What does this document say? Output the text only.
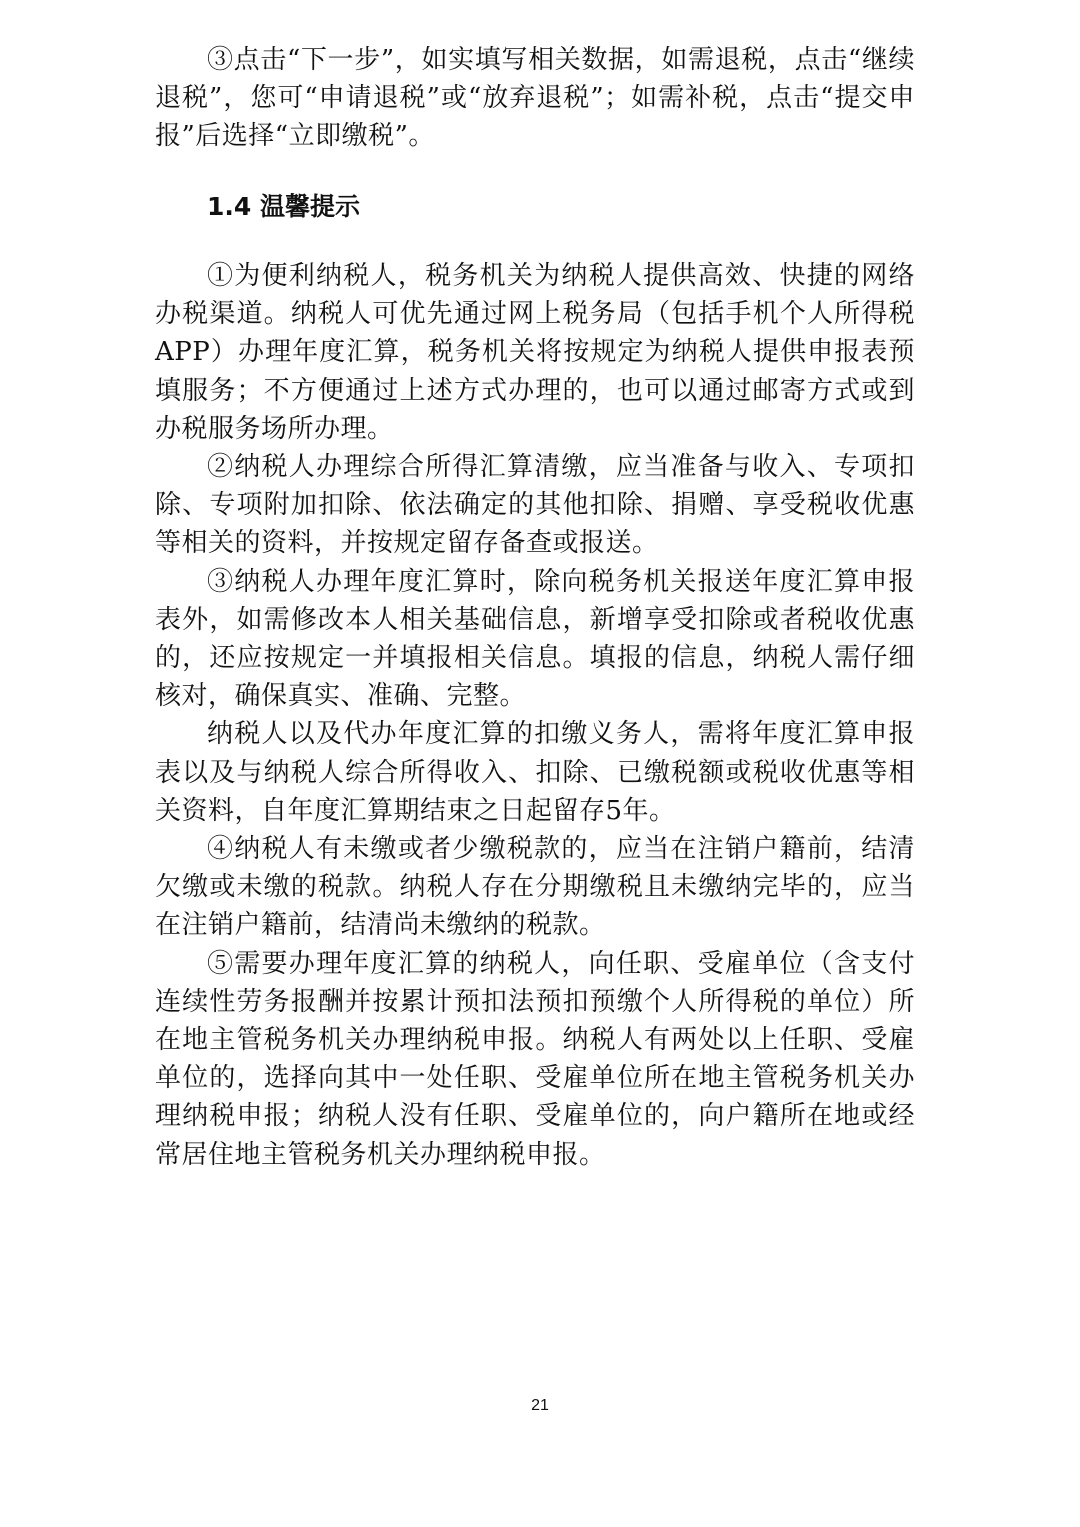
③点击“下一步”，如实填写相关数据，如需退税，点击“继续退税”，您可“申请退税”或“放弃退税”；如需补税，点击“提交申报”后选择“立即缴税”。

1.4 温馨提示

①为便利纳税人，税务机关为纳税人提供高效、快捷的网络办税渠道。纳税人可优先通过网上税务局（包括手机个人所得税APP）办理年度汇算，税务机关将按规定为纳税人提供申报表预填服务；不方便通过上述方式办理的，也可以通过邮寄方式或到办税服务场所办理。

②纳税人办理综合所得汇算清缴，应当准备与收入、专项扣除、专项附加扣除、依法确定的其他扣除、捐赠、享受税收优惠等相关的资料，并按规定留存备查或报送。

③纳税人办理年度汇算时，除向税务机关报送年度汇算申报表外，如需修改本人相关基础信息，新增享受扣除或者税收优惠的，还应按规定一并填报相关信息。填报的信息，纳税人需仔细核对，确保真实、准确、完整。

纳税人以及代办年度汇算的扣缴义务人，需将年度汇算申报表以及与纳税人综合所得收入、扣除、已缴税额或税收优惠等相关资料，自年度汇算期结束之日起留存5年。

④纳税人有未缴或者少缴税款的，应当在注销户籍前，结清欠缴或未缴的税款。纳税人存在分期缴税且未缴纳完毕的，应当在注销户籍前，结清尚未缴纳的税款。

⑤需要办理年度汇算的纳税人，向任职、受雇单位（含支付连续性劳务报酬并按累计预扣法预扣预缴个人所得税的单位）所在地主管税务机关办理纳税申报。纳税人有两处以上任职、受雇单位的，选择向其中一处任职、受雇单位所在地主管税务机关办理纳税申报；纳税人没有任职、受雇单位的，向户籍所在地或经常居住地主管税务机关办理纳税申报。

21
